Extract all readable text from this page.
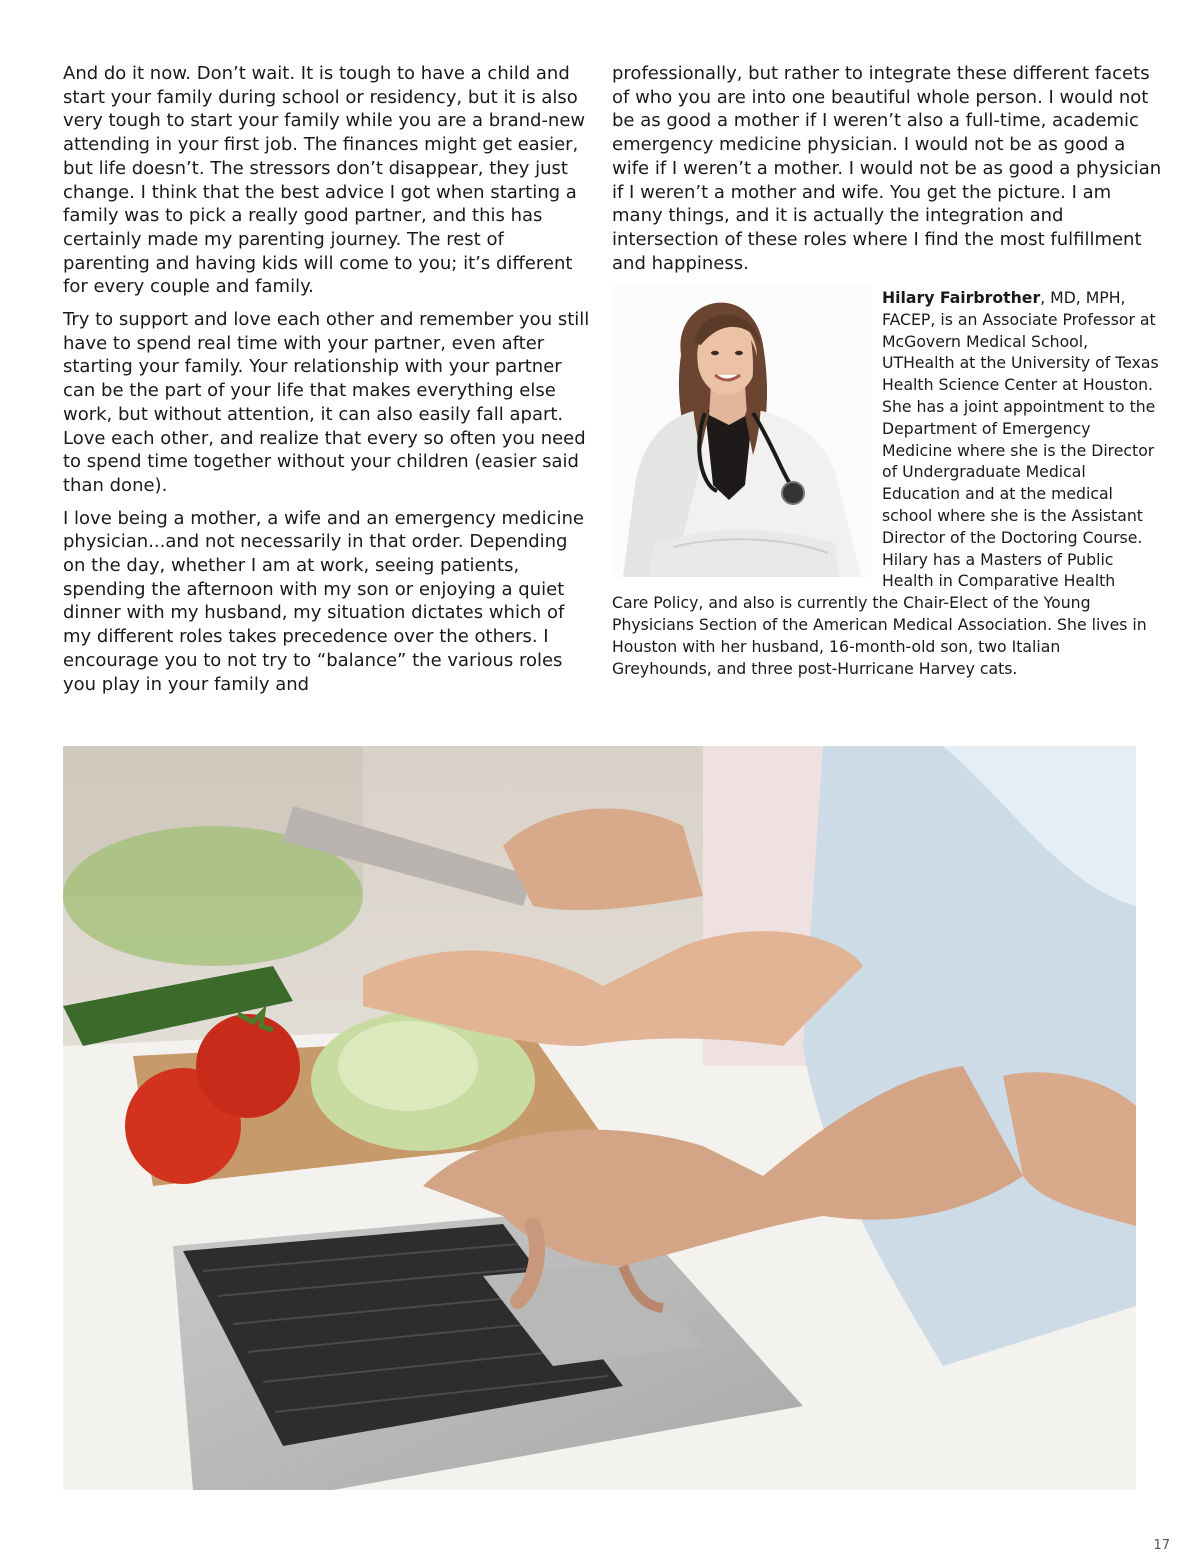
And do it now. Don’t wait. It is tough to have a child and start your family during school or residency, but it is also very tough to start your family while you are a brand-new attending in your first job. The finances might get easier, but life doesn’t. The stressors don’t disappear, they just change. I think that the best advice I got when starting a family was to pick a really good partner, and this has certainly made my parenting journey. The rest of parenting and having kids will come to you; it’s different for every couple and family.

Try to support and love each other and remember you still have to spend real time with your partner, even after starting your family. Your relationship with your partner can be the part of your life that makes everything else work, but without attention, it can also easily fall apart. Love each other, and realize that every so often you need to spend time together without your children (easier said than done).

I love being a mother, a wife and an emergency medicine physician...and not necessarily in that order. Depending on the day, whether I am at work, seeing patients, spending the afternoon with my son or enjoying a quiet dinner with my husband, my situation dictates which of my different roles takes precedence over the others. I encourage you to not try to “balance” the various roles you play in your family and

professionally, but rather to integrate these different facets of who you are into one beautiful whole person. I would not be as good a mother if I weren’t also a full-time, academic emergency medicine physician. I would not be as good a wife if I weren’t a mother. I would not be as good a physician if I weren’t a mother and wife. You get the picture. I am many things, and it is actually the integration and intersection of these roles where I find the most fulfillment and happiness.

Hilary Fairbrother, MD, MPH, FACEP, is an Associate Professor at McGovern Medical School, UTHealth at the University of Texas Health Science Center at Houston. She has a joint appointment to the Department of Emergency Medicine where she is the Director of Undergraduate Medical Education and at the medical school where she is the Assistant Director of the Doctoring Course. Hilary has a Masters of Public Health in Comparative Health
Care Policy, and also is currently the Chair-Elect of the Young Physicians Section of the American Medical Association. She lives in Houston with her husband, 16-month-old son, two Italian Greyhounds, and three post-Hurricane Harvey cats.
17
